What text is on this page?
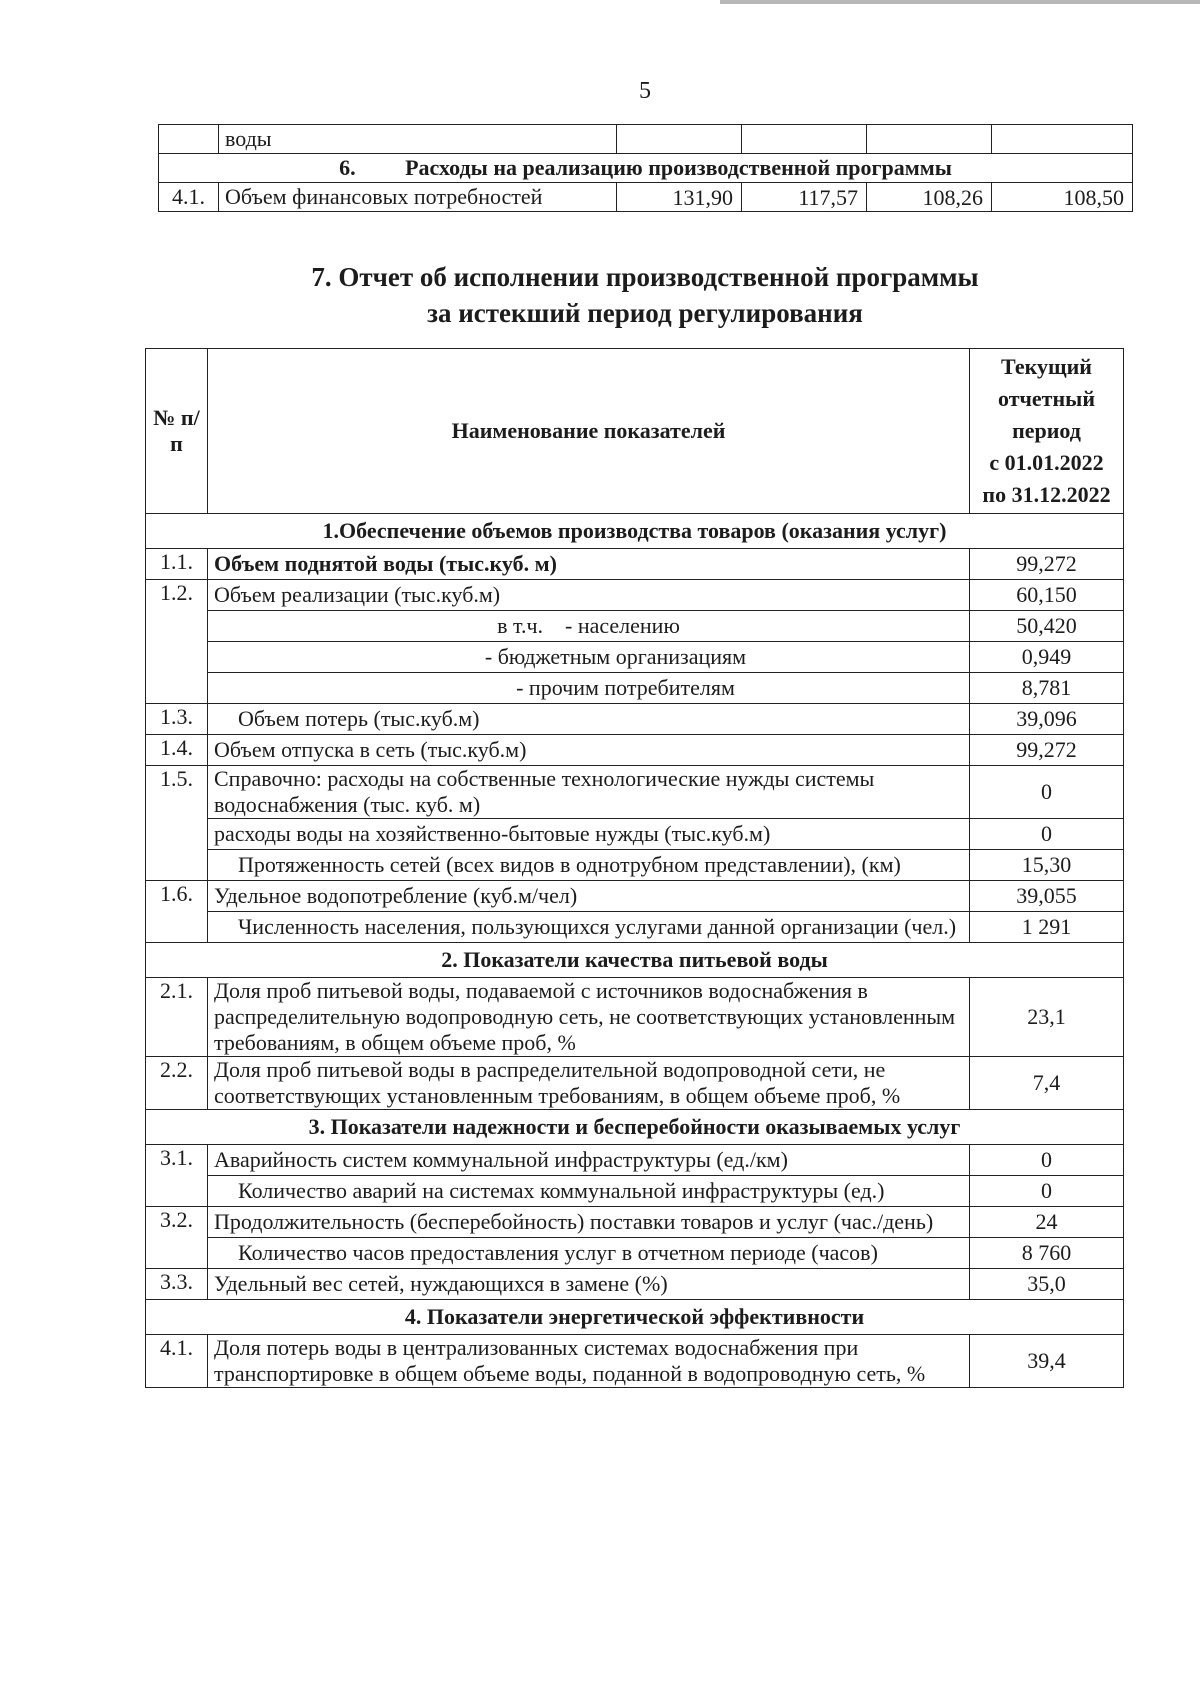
5
	воды				
6. Расходы на реализацию производственной программы					
4.1.	Объем финансовых потребностей	131,90	117,57	108,26	108,50
7. Отчет об исполнении производственной программы
за истекший период регулирования
№ п/п	Наименование показателей	Текущий
отчетный
период
с 01.01.2022
по 31.12.2022

1.Обеспечение объемов производства товаров (оказания услуг)		
1.1.	Объем поднятой воды (тыс.куб. м)	99,272
1.2.	Объем реализации (тыс.куб.м)	60,150
	в т.ч.    - населению	50,420
	- бюджетным организациям	0,949
	- прочим потребителям	8,781
1.3.	Объем потерь (тыс.куб.м)	39,096
1.4.	Объем отпуска в сеть (тыс.куб.м)	99,272
1.5.	Справочно: расходы на собственные технологические нужды системы водоснабжения (тыс. куб. м)	0
	расходы воды на хозяйственно-бытовые нужды (тыс.куб.м)	0
	Протяженность сетей (всех видов в однотрубном представлении), (км)	15,30
1.6.	Удельное водопотребление (куб.м/чел)	39,055
	Численность населения, пользующихся услугами данной организации (чел.)	1 291
2. Показатели качества питьевой воды		
2.1.	Доля проб питьевой воды, подаваемой с источников водоснабжения в распределительную водопроводную сеть, не соответствующих установленным требованиям, в общем объеме проб, %	23,1
2.2.	Доля проб питьевой воды в распределительной водопроводной сети, не соответствующих установленным требованиям, в общем объеме проб, %	7,4
3. Показатели надежности и бесперебойности оказываемых услуг		
3.1.	Аварийность систем коммунальной инфраструктуры (ед./км)	0
	Количество аварий на системах коммунальной инфраструктуры (ед.)	0
3.2.	Продолжительность (бесперебойность) поставки товаров и услуг (час./день)	24
	Количество часов предоставления услуг в отчетном периоде (часов)	8 760
3.3.	Удельный вес сетей, нуждающихся в замене (%)	35,0
4. Показатели энергетической эффективности		
4.1.	Доля потерь воды в централизованных системах водоснабжения при транспортировке в общем объеме воды, поданной в водопроводную сеть, %	39,4
